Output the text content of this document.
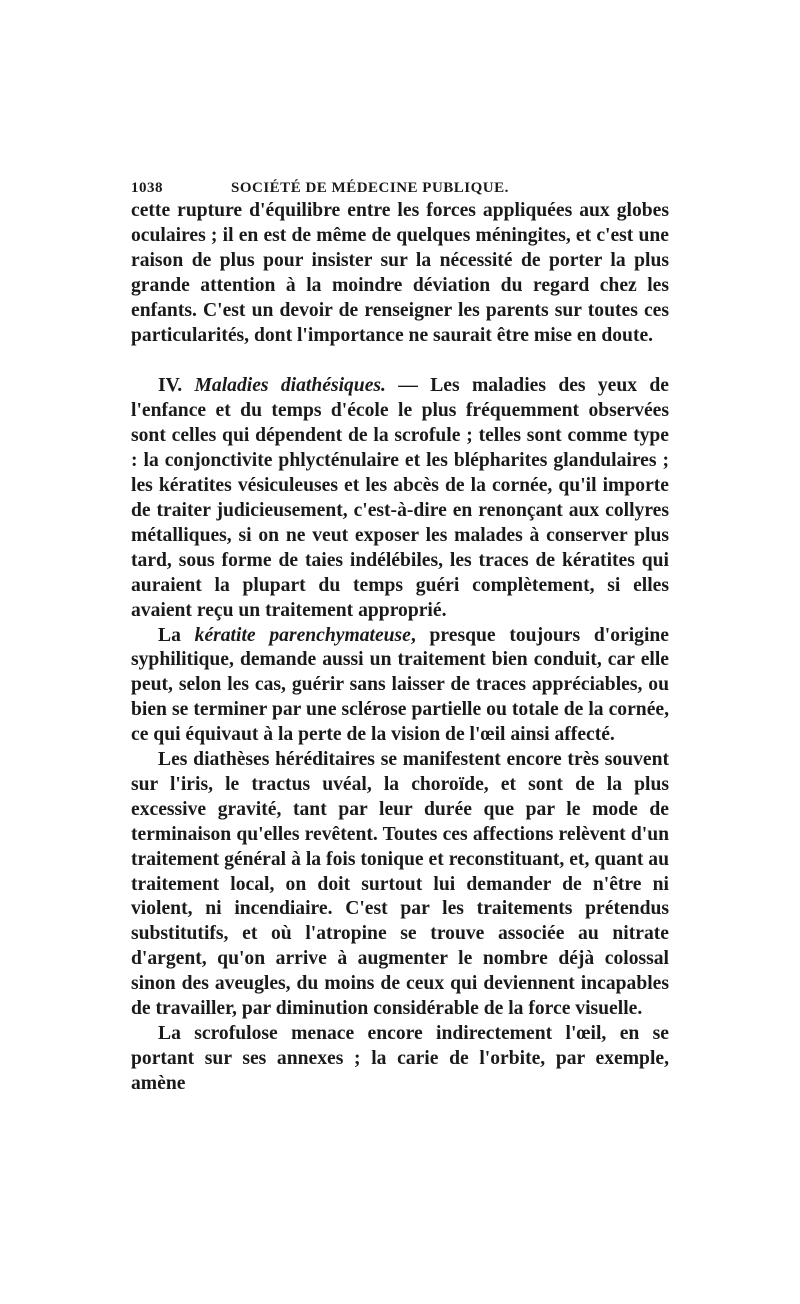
1038	SOCIÉTÉ DE MÉDECINE PUBLIQUE.

cette rupture d'équilibre entre les forces appliquées aux globes oculaires ; il en est de même de quelques méningites, et c'est une raison de plus pour insister sur la nécessité de porter la plus grande attention à la moindre déviation du regard chez les enfants. C'est un devoir de renseigner les parents sur toutes ces particularités, dont l'importance ne saurait être mise en doute.

IV. Maladies diathésiques. — Les maladies des yeux de l'enfance et du temps d'école le plus fréquemment observées sont celles qui dépendent de la scrofule ; telles sont comme type : la conjonctivite phlycténulaire et les blépharites glandulaires ; les kératites vésiculeuses et les abcès de la cornée, qu'il importe de traiter judicieusement, c'est-à-dire en renonçant aux collyres métalliques, si on ne veut exposer les malades à conserver plus tard, sous forme de taies indélébiles, les traces de kératites qui auraient la plupart du temps guéri complètement, si elles avaient reçu un traitement approprié.

La kératite parenchymateuse, presque toujours d'origine syphilitique, demande aussi un traitement bien conduit, car elle peut, selon les cas, guérir sans laisser de traces appréciables, ou bien se terminer par une sclérose partielle ou totale de la cornée, ce qui équivaut à la perte de la vision de l'œil ainsi affecté.

Les diathèses héréditaires se manifestent encore très souvent sur l'iris, le tractus uvéal, la choroïde, et sont de la plus excessive gravité, tant par leur durée que par le mode de terminaison qu'elles revêtent. Toutes ces affections relèvent d'un traitement général à la fois tonique et reconstituant, et, quant au traitement local, on doit surtout lui demander de n'être ni violent, ni incendiaire. C'est par les traitements prétendus substitutifs, et où l'atropine se trouve associée au nitrate d'argent, qu'on arrive à augmenter le nombre déjà colossal sinon des aveugles, du moins de ceux qui deviennent incapables de travailler, par diminution considérable de la force visuelle.

La scrofulose menace encore indirectement l'œil, en se portant sur ses annexes ; la carie de l'orbite, par exemple, amène
